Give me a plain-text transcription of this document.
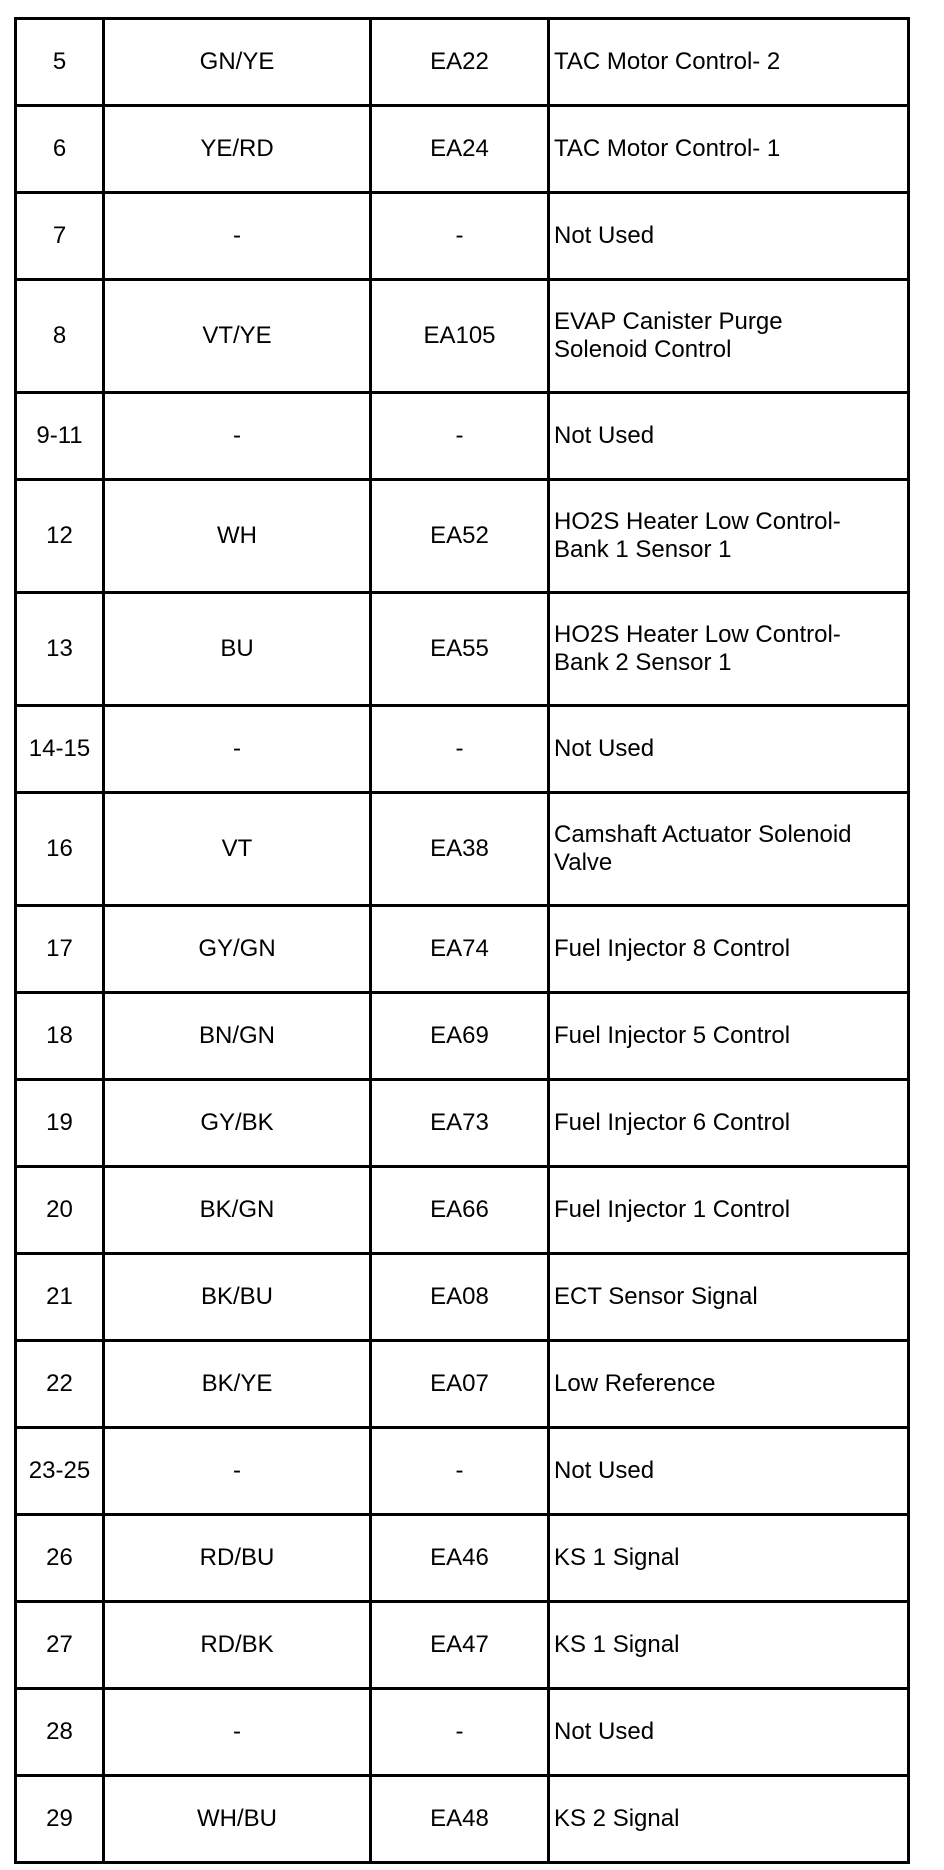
5	GN/YE	EA22	TAC Motor Control- 2

6	YE/RD	EA24	TAC Motor Control- 1

7	-	-	Not Used

8	VT/YE	EA105	EVAP Canister Purge
Solenoid Control

9-11	-	-	Not Used

12	WH	EA52	HO2S Heater Low Control-
Bank 1 Sensor 1

13	BU	EA55	HO2S Heater Low Control-
Bank 2 Sensor 1

14-15	-	-	Not Used

16	VT	EA38	Camshaft Actuator Solenoid
Valve

17	GY/GN	EA74	Fuel Injector 8 Control

18	BN/GN	EA69	Fuel Injector 5 Control

19	GY/BK	EA73	Fuel Injector 6 Control

20	BK/GN	EA66	Fuel Injector 1 Control

21	BK/BU	EA08	ECT Sensor Signal

22	BK/YE	EA07	Low Reference

23-25	-	-	Not Used

26	RD/BU	EA46	KS 1 Signal

27	RD/BK	EA47	KS 1 Signal

28	-	-	Not Used

29	WH/BU	EA48	KS 2 Signal
